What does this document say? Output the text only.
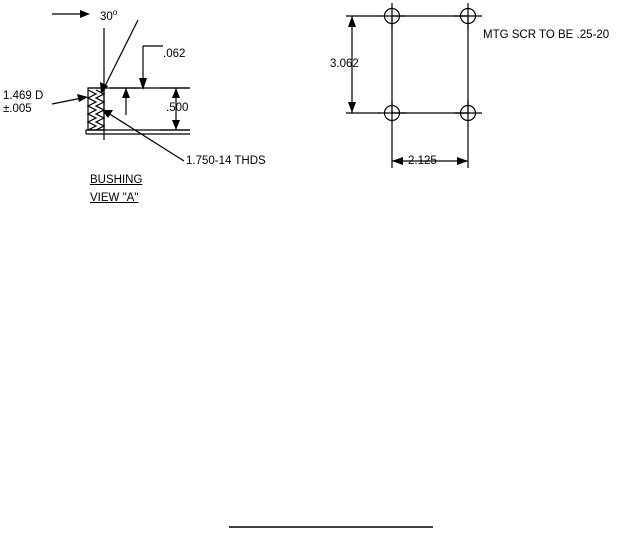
30$^o$
.062
.500
1.469 D
±.005
1.750-14 THDS
BUSHING
VIEW "A"
3.062
2.125
MTG SCR TO BE .25-20
